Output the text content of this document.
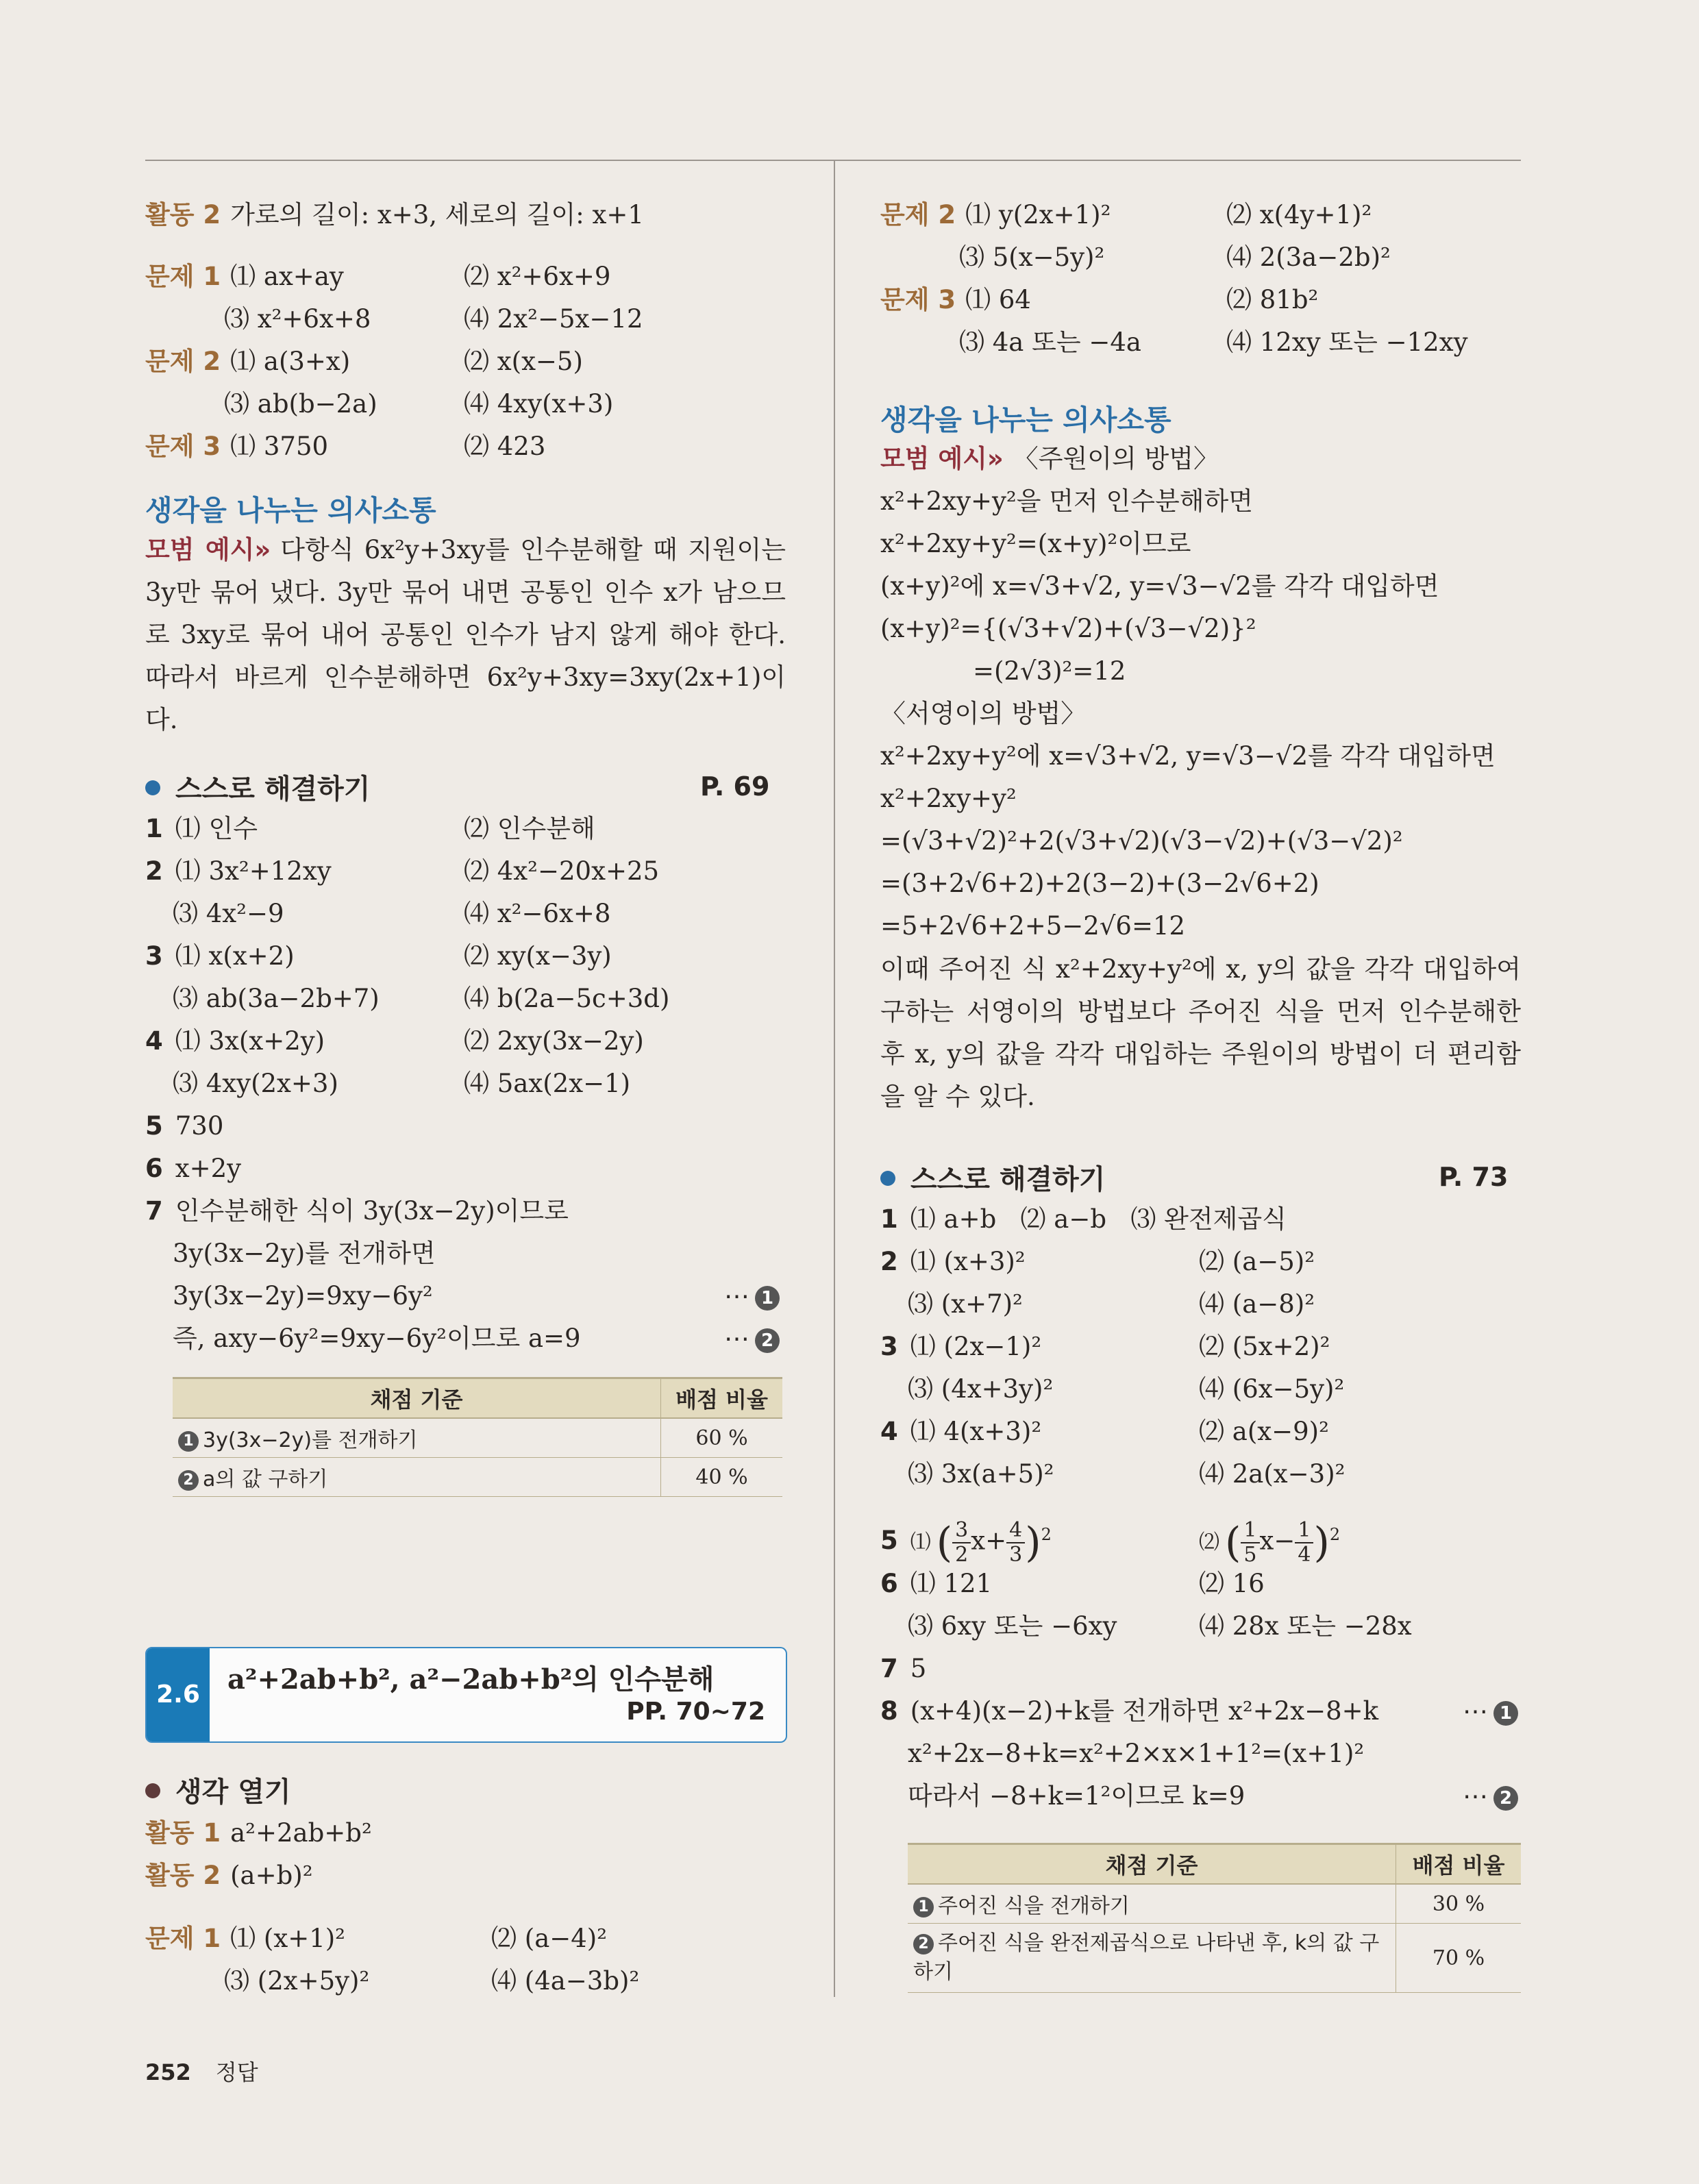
활동 2 가로의 길이: x+3, 세로의 길이: x+1
문제 1 ⑴ ax+ay	⑵ x²+6x+9
⑶ x²+6x+8	⑷ 2x²−5x−12
문제 2 ⑴ a(3+x)	⑵ x(x−5)
⑶ ab(b−2a)	⑷ 4xy(x+3)
문제 3 ⑴ 3750	⑵ 423
생각을 나누는 의사소통
모범 예시» 다항식 6x²y+3xy를 인수분해할 때 지원이는 3y만 묶어 냈다. 3y만 묶어 내면 공통인 인수 x가 남으므로 3xy로 묶어 내어 공통인 인수가 남지 않게 해야 한다. 따라서 바르게 인수분해하면 6x²y+3xy=3xy(2x+1)이다.
스스로 해결하기	P. 69
1 ⑴ 인수	⑵ 인수분해
2 ⑴ 3x²+12xy	⑵ 4x²−20x+25
⑶ 4x²−9	⑷ x²−6x+8
3 ⑴ x(x+2)	⑵ xy(x−3y)
⑶ ab(3a−2b+7)	⑷ b(2a−5c+3d)
4 ⑴ 3x(x+2y)	⑵ 2xy(3x−2y)
⑶ 4xy(2x+3)	⑷ 5ax(2x−1)
5 730
6 x+2y
7 인수분해한 식이 3y(3x−2y)이므로
3y(3x−2y)를 전개하면
3y(3x−2y)=9xy−6y²	⋯ 1
즉, axy−6y²=9xy−6y²이므로 a=9	⋯ 2
채점 기준	배점 비율
1 3y(3x−2y)를 전개하기	60 %
2 a의 값 구하기	40 %
생각 열기
활동 1 a²+2ab+b²
활동 2 (a+b)²
문제 1 ⑴ (x+1)²	⑵ (a−4)²
⑶ (2x+5y)²	⑷ (4a−3b)²
2.6	a²+2ab+b², a²−2ab+b²의 인수분해
PP. 70~72
문제 2 ⑴ y(2x+1)²	⑵ x(4y+1)²
⑶ 5(x−5y)²	⑷ 2(3a−2b)²
문제 3 ⑴ 64	⑵ 81b²
⑶ 4a 또는 −4a	⑷ 12xy 또는 −12xy
생각을 나누는 의사소통
모범 예시» 〈주원이의 방법〉
x²+2xy+y²을 먼저 인수분해하면
x²+2xy+y²=(x+y)²이므로
(x+y)²에 x=√3+√2, y=√3−√2를 각각 대입하면
(x+y)²={(√3+√2)+(√3−√2)}²
=(2√3)²=12
〈서영이의 방법〉
x²+2xy+y²에 x=√3+√2, y=√3−√2를 각각 대입하면
x²+2xy+y²
=(√3+√2)²+2(√3+√2)(√3−√2)+(√3−√2)²
=(3+2√6+2)+2(3−2)+(3−2√6+2)
=5+2√6+2+5−2√6=12
이때 주어진 식 x²+2xy+y²에 x, y의 값을 각각 대입하여 구하는 서영이의 방법보다 주어진 식을 먼저 인수분해한 후 x, y의 값을 각각 대입하는 주원이의 방법이 더 편리함을 알 수 있다.
스스로 해결하기	P. 73
1 ⑴ a+b   ⑵ a−b   ⑶ 완전제곱식
2 ⑴ (x+3)²	⑵ (a−5)²
⑶ (x+7)²	⑷ (a−8)²
3 ⑴ (2x−1)²	⑵ (5x+2)²
⑶ (4x+3y)²	⑷ (6x−5y)²
4 ⑴ 4(x+3)²	⑵ a(x−9)²
⑶ 3x(a+5)²	⑷ 2a(x−3)²
5 ⑴ ( $\frac{3}{2} x+ \frac{4}{3} )^2$	⑵ ( $\frac{1}{5} x- \frac{1}{4} )^2$
6 ⑴ 121	⑵ 16
⑶ 6xy 또는 −6xy	⑷ 28x 또는 −28x
7 5
8 (x+4)(x−2)+k를 전개하면 x²+2x−8+k	⋯ 1
x²+2x−8+k=x²+2×x×1+1²=(x+1)²
따라서 −8+k=1²이므로 k=9	⋯ 2
채점 기준	배점 비율
1 주어진 식을 전개하기	30 %
2 주어진 식을 완전제곱식으로 나타낸 후, k의 값 구하기	70 %
252 정답
